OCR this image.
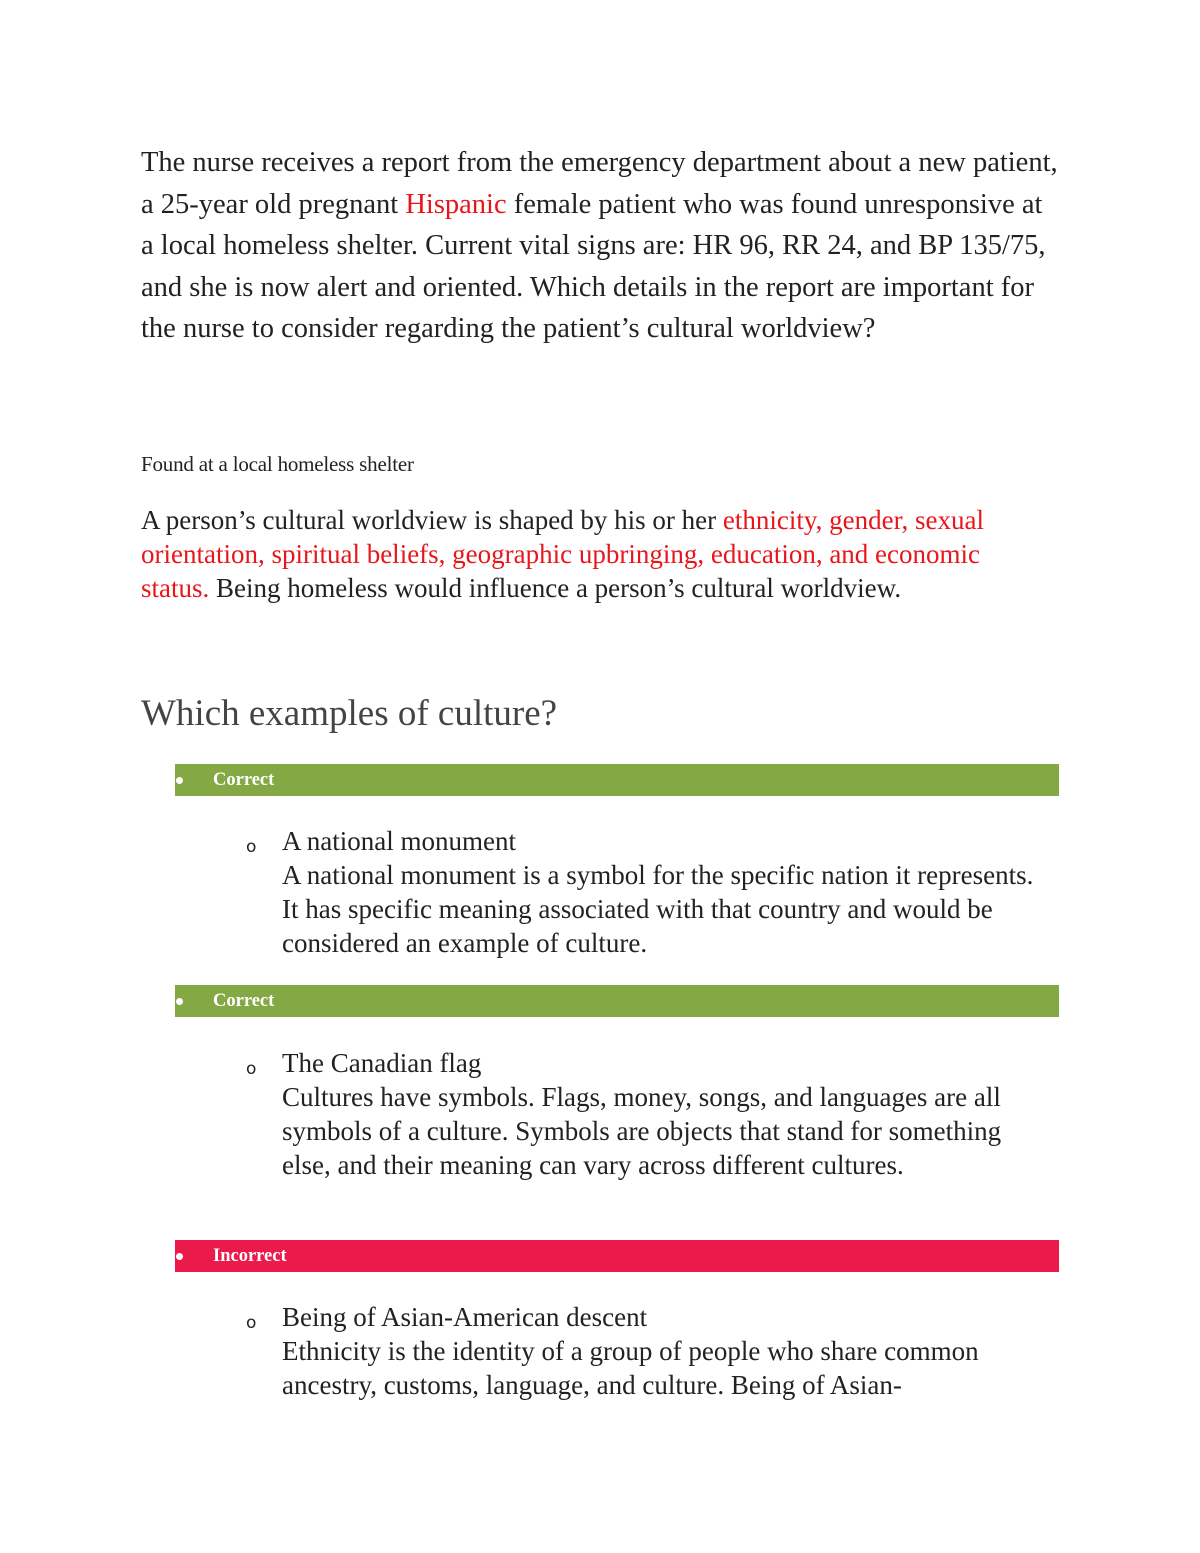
The nurse receives a report from the emergency department about a new patient, a 25-year old pregnant Hispanic female patient who was found unresponsive at a local homeless shelter. Current vital signs are: HR 96, RR 24, and BP 135/75, and she is now alert and oriented. Which details in the report are important for the nurse to consider regarding the patient’s cultural worldview?

Found at a local homeless shelter

A person’s cultural worldview is shaped by his or her ethnicity, gender, sexual orientation, spiritual beliefs, geographic upbringing, education, and economic status. Being homeless would influence a person’s cultural worldview.

Which examples of culture?
Correct
o A national monument

A national monument is a symbol for the specific nation it represents. It has specific meaning associated with that country and would be considered an example of culture.

Correct
o The Canadian flag

Cultures have symbols. Flags, money, songs, and languages are all symbols of a culture. Symbols are objects that stand for something else, and their meaning can vary across different cultures.

Incorrect
o Being of Asian-American descent

Ethnicity is the identity of a group of people who share common ancestry, customs, language, and culture. Being of Asian-
